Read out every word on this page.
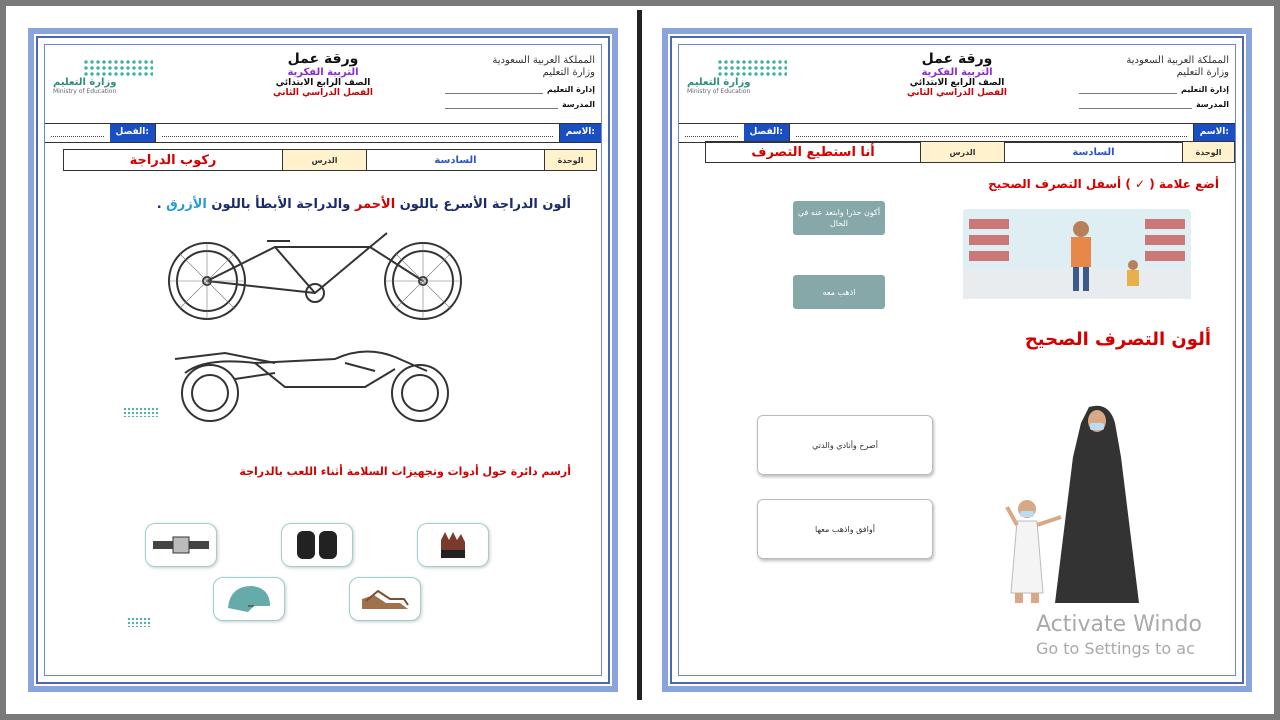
المملكة العربية السعودية
وزارة التعليم
إدارة التعليم
المدرسة
ورقة عمل
التربية الفكرية
الصف الرابع الابتدائي
الفصل الدراسي الثاني
وزارة التعليم
Ministry of Education
الاسم:
الفصل:
الوحدة
السادسة
الدرس
ركوب الدراجة
ألون الدراجة الأسرع باللون الأحمر والدراجة الأبطأ باللون الأزرق .
أرسم دائرة حول أدوات وتجهيزات السلامة أثناء اللعب بالدراجة
المملكة العربية السعودية
وزارة التعليم
إدارة التعليم
المدرسة
ورقة عمل
التربية الفكرية
الصف الرابع الابتدائي
الفصل الدراسي الثاني
وزارة التعليم
Ministry of Education
الاسم:
الفصل:
الوحدة
السادسة
الدرس
أنا استطيع التصرف
أضع علامة ( ✓ ) أسفل التصرف الصحيح
أكون حذرا وابتعد عنه في الحال
اذهب معه
ألون التصرف الصحيح
أصرخ وأنادي والدتي
أوافق واذهب معها
Activate Windo
Go to Settings to ac
